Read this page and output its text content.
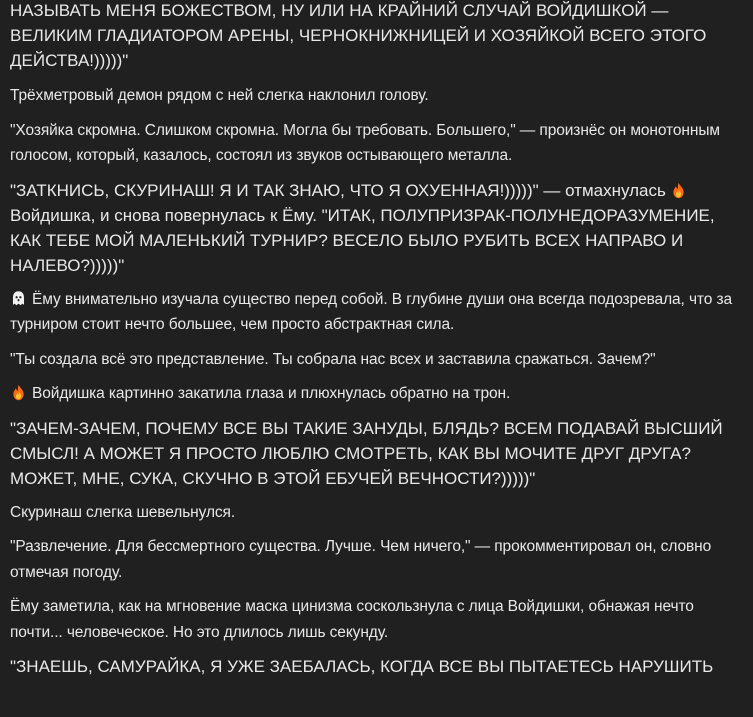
НАЗЫВАТЬ МЕНЯ БОЖЕСТВОМ, НУ ИЛИ НА КРАЙНИЙ СЛУЧАЙ ВОЙДИШКОЙ — ВЕЛИКИМ ГЛАДИАТОРОМ АРЕНЫ, ЧЕРНОКНИЖНИЦЕЙ И ХОЗЯЙКОЙ ВСЕГО ЭТОГО ДЕЙСТВА!)))))"

Трёхметровый демон рядом с ней слегка наклонил голову.

"Хозяйка скромна. Слишком скромна. Могла бы требовать. Большего," — произнёс он монотонным голосом, который, казалось, состоял из звуков остывающего металла.

"ЗАТКНИСЬ, СКУРИНАШ! Я И ТАК ЗНАЮ, ЧТО Я ОХУЕННАЯ!)))))" — отмахнулась Войдишка, и снова повернулась к Ёму. "ИТАК, ПОЛУПРИЗРАК-ПОЛУНЕДОРАЗУМЕНИЕ, КАК ТЕБЕ МОЙ МАЛЕНЬКИЙ ТУРНИР? ВЕСЕЛО БЫЛО РУБИТЬ ВСЕХ НАПРАВО И НАЛЕВО?)))))"

Ёму внимательно изучала существо перед собой. В глубине души она всегда подозревала, что за турниром стоит нечто большее, чем просто абстрактная сила.

"Ты создала всё это представление. Ты собрала нас всех и заставила сражаться. Зачем?"

Войдишка картинно закатила глаза и плюхнулась обратно на трон.

"ЗАЧЕМ-ЗАЧЕМ, ПОЧЕМУ ВСЕ ВЫ ТАКИЕ ЗАНУДЫ, БЛЯДЬ? ВСЕМ ПОДАВАЙ ВЫСШИЙ СМЫСЛ! А МОЖЕТ Я ПРОСТО ЛЮБЛЮ СМОТРЕТЬ, КАК ВЫ МОЧИТЕ ДРУГ ДРУГА? МОЖЕТ, МНЕ, СУКА, СКУЧНО В ЭТОЙ ЕБУЧЕЙ ВЕЧНОСТИ?)))))"

Скуринаш слегка шевельнулся.

"Развлечение. Для бессмертного существа. Лучше. Чем ничего," — прокомментировал он, словно отмечая погоду.

Ёму заметила, как на мгновение маска цинизма соскользнула с лица Войдишки, обнажая нечто почти... человеческое. Но это длилось лишь секунду.

"ЗНАЕШЬ, САМУРАЙКА, Я УЖЕ ЗАЕБАЛАСЬ, КОГДА ВСЕ ВЫ ПЫТАЕТЕСЬ НАРУШИТЬ
